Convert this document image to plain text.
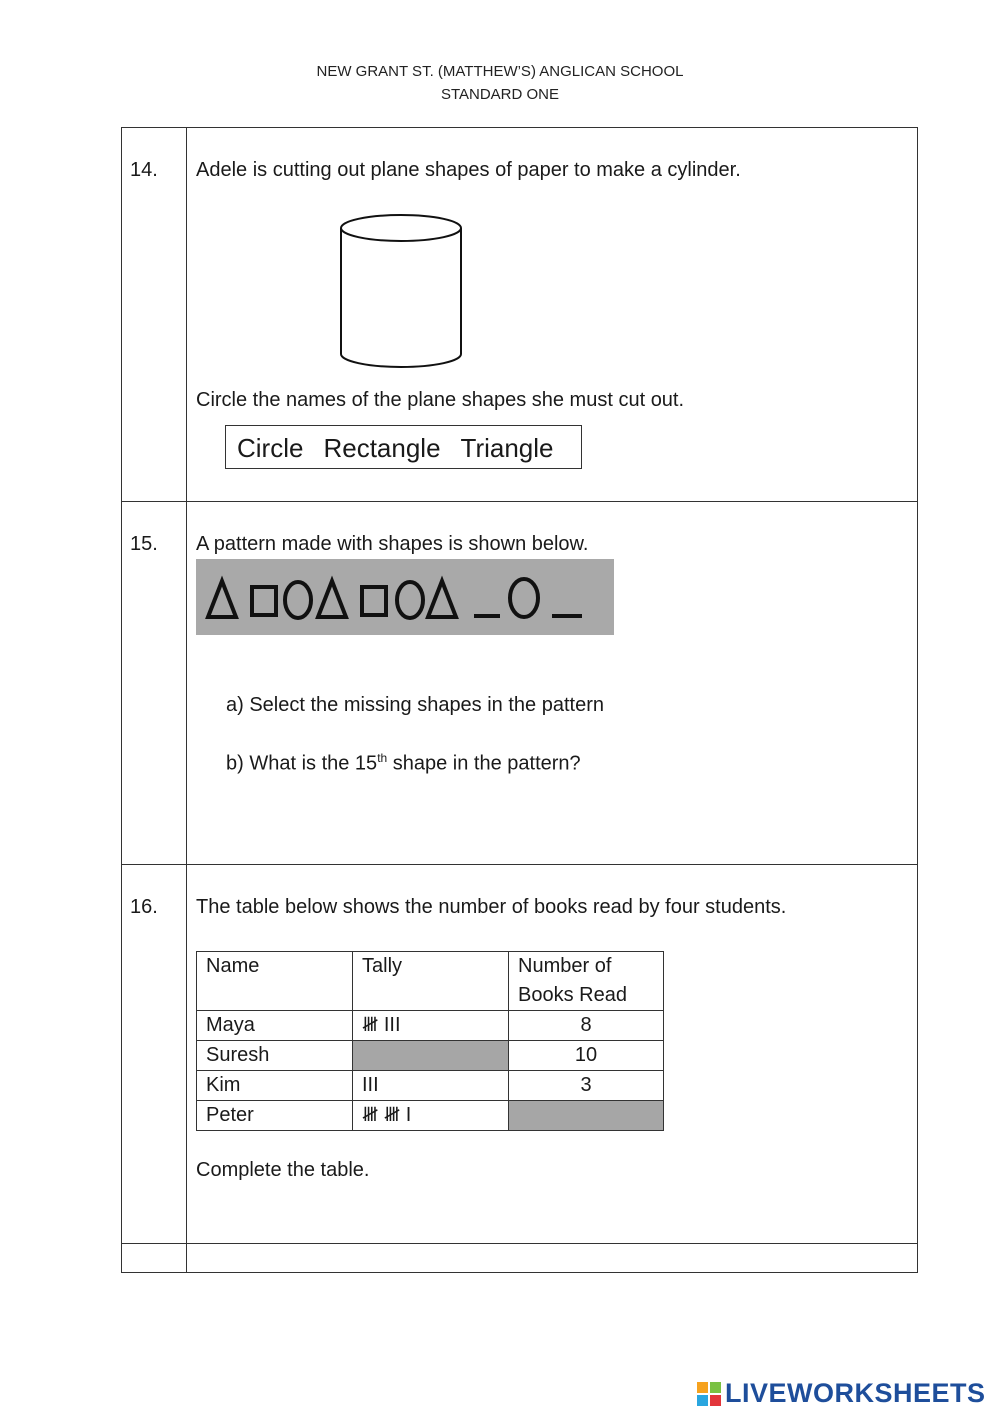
NEW GRANT ST. (MATTHEW’S) ANGLICAN SCHOOL
STANDARD ONE
14. Adele is cutting out plane shapes of paper to make a cylinder.
Circle the names of the plane shapes she must cut out.
Circle Rectangle Triangle
15. A pattern made with shapes is shown below.
a) Select the missing shapes in the pattern
b) What is the 15th shape in the pattern?
16. The table below shows the number of books read by four students.
Name	Tally	Number of
Books Read
Maya	𝍸 III	8
Suresh		10
Kim	III	3
Peter	𝍸 𝍸 I	
Complete the table.
LIVEWORKSHEETS
